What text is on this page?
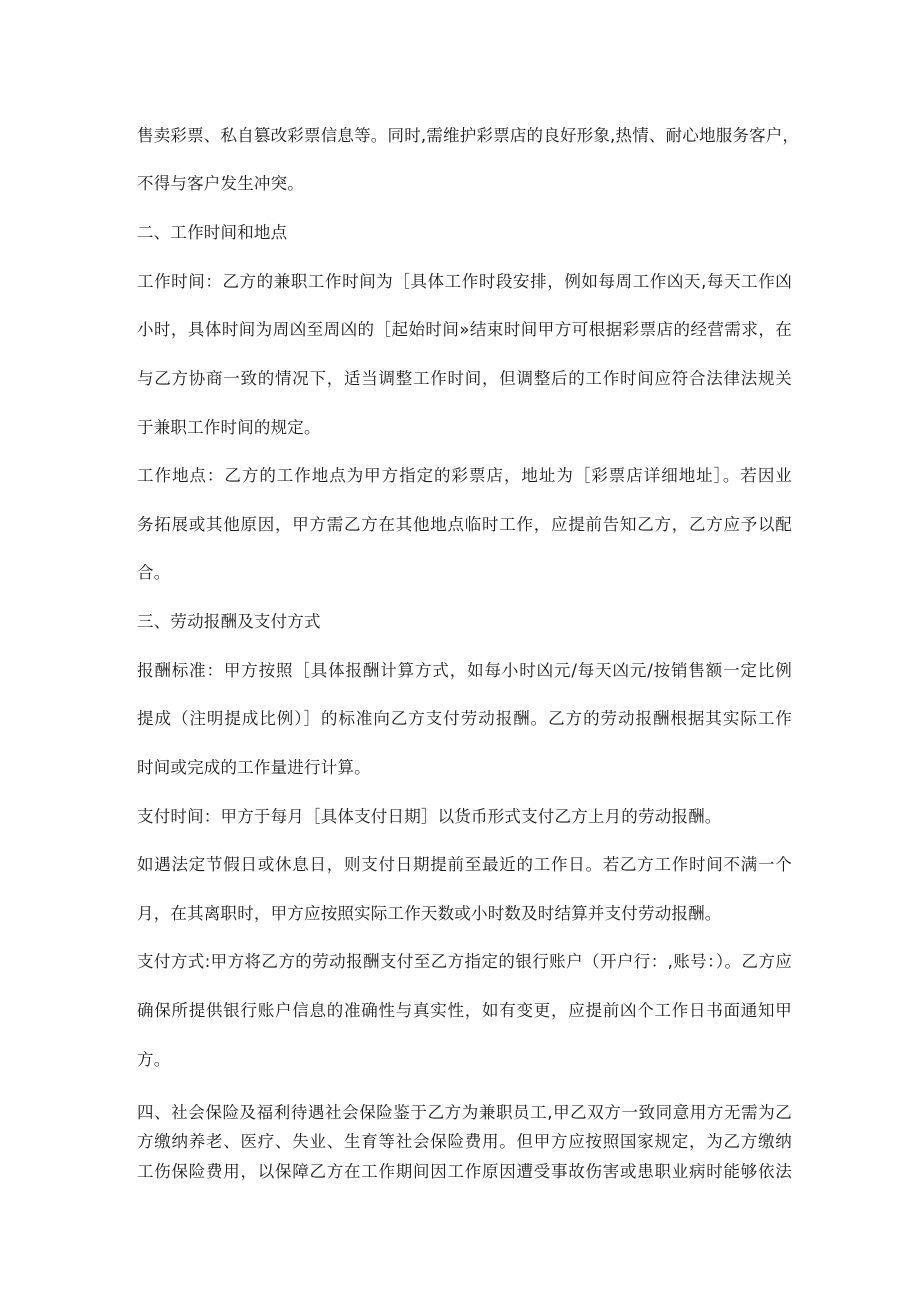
售卖彩票、私自篡改彩票信息等。同时,需维护彩票店的良好形象,热情、耐心地服务客户，
不得与客户发生冲突。
二、工作时间和地点
工作时间：乙方的兼职工作时间为［具体工作时段安排，例如每周工作凶天,每天工作凶
小时，具体时间为周凶至周凶的［起始时间»结束时间甲方可根据彩票店的经营需求，在
与乙方协商一致的情况下，适当调整工作时间，但调整后的工作时间应符合法律法规关
于兼职工作时间的规定。
工作地点：乙方的工作地点为甲方指定的彩票店，地址为［彩票店详细地址］。若因业
务拓展或其他原因，甲方需乙方在其他地点临时工作，应提前告知乙方，乙方应予以配
合。
三、劳动报酬及支付方式
报酬标准：甲方按照［具体报酬计算方式，如每小时凶元/每天凶元/按销售额一定比例
提成（注明提成比例）］的标准向乙方支付劳动报酬。乙方的劳动报酬根据其实际工作
时间或完成的工作量进行计算。
支付时间：甲方于每月［具体支付日期］以货币形式支付乙方上月的劳动报酬。
如遇法定节假日或休息日，则支付日期提前至最近的工作日。若乙方工作时间不满一个
月，在其离职时，甲方应按照实际工作天数或小时数及时结算并支付劳动报酬。
支付方式:甲方将乙方的劳动报酬支付至乙方指定的银行账户（开户行：,账号：）。乙方应
确保所提供银行账户信息的准确性与真实性，如有变更，应提前凶个工作日书面通知甲
方。
四、社会保险及福利待遇社会保险鉴于乙方为兼职员工,甲乙双方一致同意用方无需为乙
方缴纳养老、医疗、失业、生育等社会保险费用。但甲方应按照国家规定，为乙方缴纳
工伤保险费用，以保障乙方在工作期间因工作原因遭受事故伤害或患职业病时能够依法
